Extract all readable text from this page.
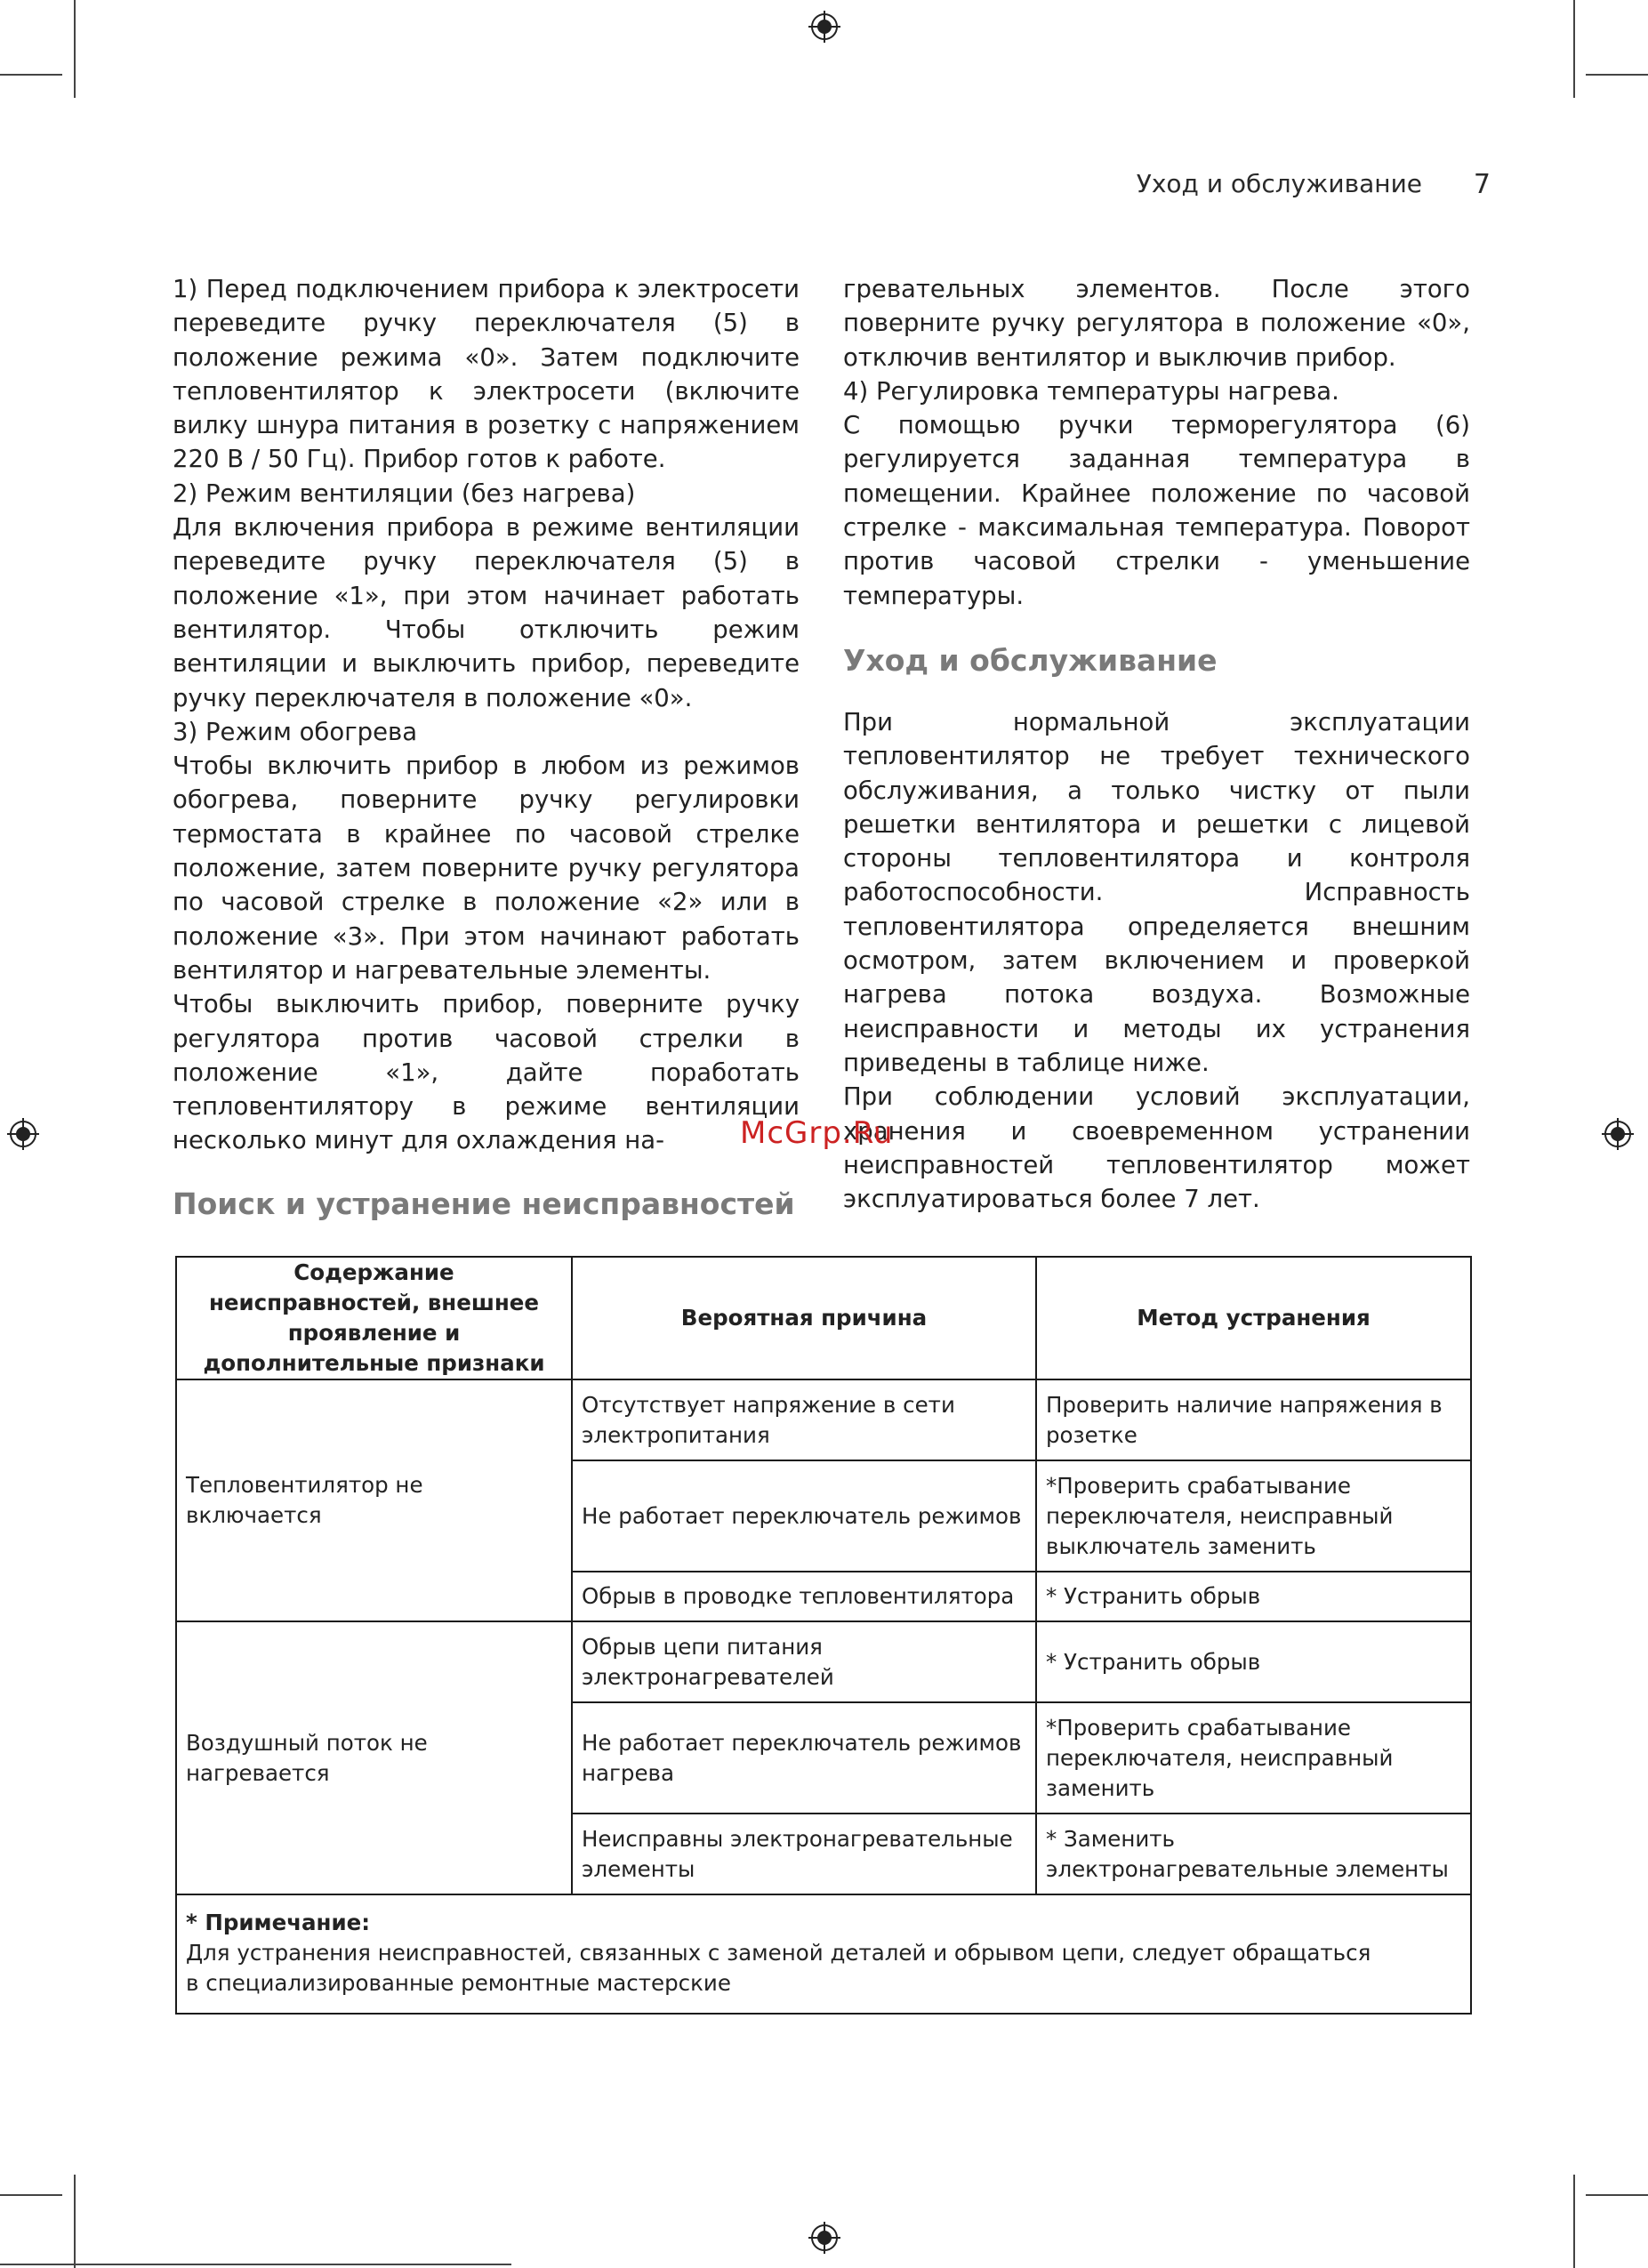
Уход и обслуживание 7

1) Перед подключением прибора к электросети переведите ручку переключателя (5) в положение режима «0». Затем подключите тепловентилятор к электросети (включите вилку шнура питания в розетку с напряжением 220 В / 50 Гц). Прибор готов к работе.

2) Режим вентиляции (без нагрева)

Для включения прибора в режиме вентиляции переведите ручку переключателя (5) в положение «1», при этом начинает работать вентилятор. Чтобы отключить режим вентиляции и выключить прибор, переведите ручку переключателя в положение «0».

3) Режим обогрева

Чтобы включить прибор в любом из режимов обогрева, поверните ручку регулировки термостата в крайнее по часовой стрелке положение, затем поверните ручку регулятора по часовой стрелке в положение «2» или в положение «3». При этом начинают работать вентилятор и нагревательные элементы.

Чтобы выключить прибор, поверните ручку регулятора против часовой стрелки в положение «1», дайте поработать тепловентилятору в режиме вентиляции несколько минут для охлаждения на-

гревательных элементов. После этого поверните ручку регулятора в положение «0», отключив вентилятор и выключив прибор.

4) Регулировка температуры нагрева.

С помощью ручки терморегулятора (6) регулируется заданная температура в помещении. Крайнее положение по часовой стрелке - максимальная температура. Поворот против часовой стрелки - уменьшение температуры.

Уход и обслуживание

При нормальной эксплуатации тепловентилятор не требует технического обслуживания, а только чистку от пыли решетки вентилятора и решетки с лицевой стороны тепловентилятора и контроля работоспособности. Исправность тепловентилятора определяется внешним осмотром, затем включением и проверкой нагрева потока воздуха. Возможные неисправности и методы их устранения приведены в таблице ниже.

При соблюдении условий эксплуатации, хранения и своевременном устранении неисправностей тепловентилятор может эксплуатироваться более 7 лет.

McGrp.Ru
Поиск и устранение неисправностей
Содержание неисправностей, внешнее проявление и дополнительные признаки	Вероятная причина	Метод устранения
Тепловентилятор не включается	Отсутствует напряжение в сети электропитания	Проверить наличие напряжения в розетке
	Не работает переключатель режимов	*Проверить срабатывание переключателя, неисправный выключатель заменить
	Обрыв в проводке тепловентилятора	* Устранить обрыв
Воздушный поток не нагревается	Обрыв цепи питания электронагревателей	* Устранить обрыв
	Не работает переключатель режимов нагрева	*Проверить срабатывание переключателя, неисправный заменить
	Неисправны электронагревательные элементы	* Заменить электронагревательные элементы

* Примечание:
Для устранения неисправностей, связанных с заменой деталей и обрывом цепи, следует обращаться
в специализированные ремонтные мастерские		
